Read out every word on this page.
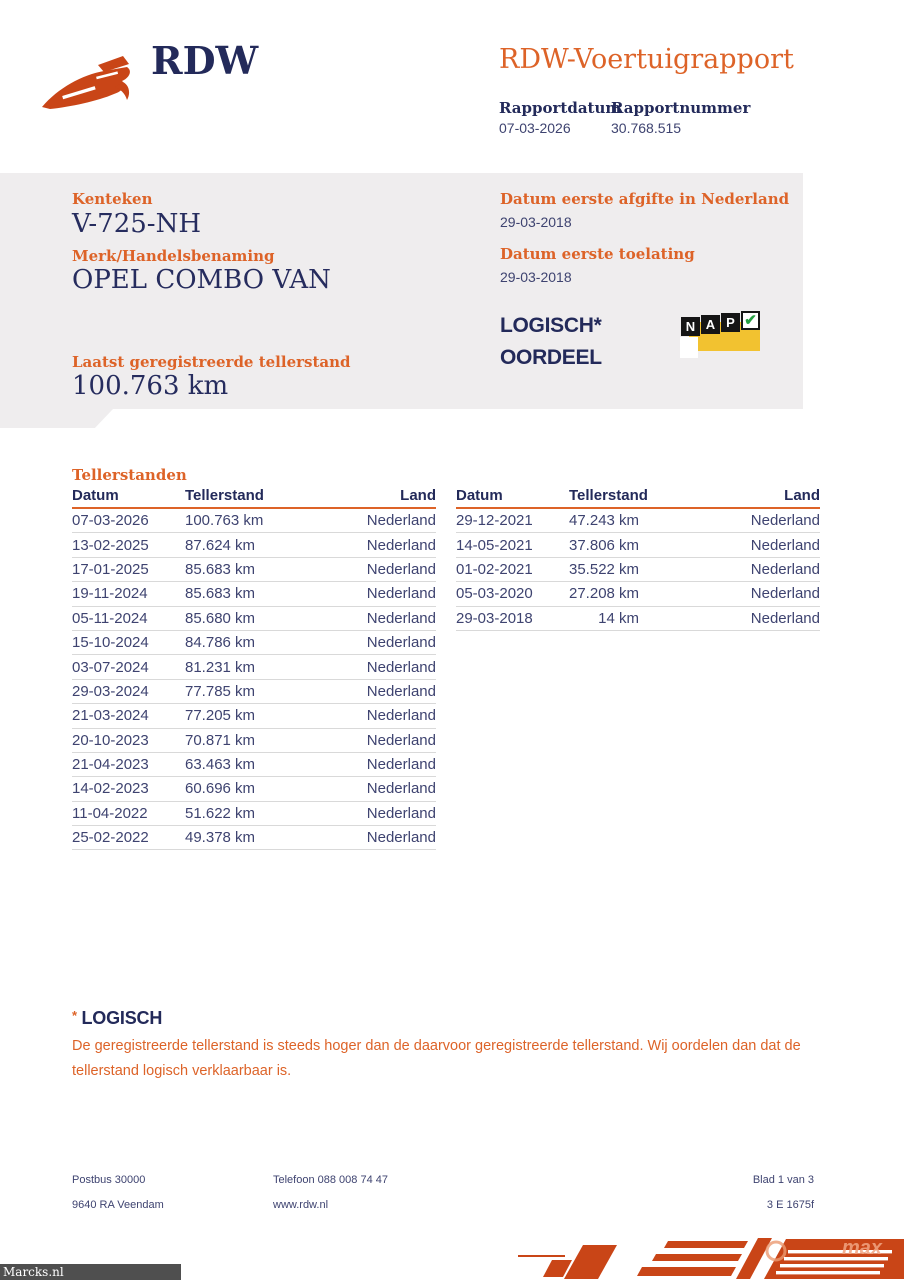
RDW	RDW-Voertuigrapport
Rapportdatum
Rapportnummer
07-03-2026	30.768.515
Kenteken
V-725-NH
Merk/Handelsbenaming
OPEL COMBO VAN
Laatst geregistreerde tellerstand
100.763 km
Datum eerste afgifte in Nederland
29-03-2018
Datum eerste toelating
29-03-2018
LOGISCH*
OORDEEL
N A P ✔
Tellerstanden
Datum	Tellerstand	Land
07-03-2026	100.763 km	Nederland
13-02-2025	87.624 km	Nederland
17-01-2025	85.683 km	Nederland
19-11-2024	85.683 km	Nederland
05-11-2024	85.680 km	Nederland
15-10-2024	84.786 km	Nederland
03-07-2024	81.231 km	Nederland
29-03-2024	77.785 km	Nederland
21-03-2024	77.205 km	Nederland
20-10-2023	70.871 km	Nederland
21-04-2023	63.463 km	Nederland
14-02-2023	60.696 km	Nederland
11-04-2022	51.622 km	Nederland
25-02-2022	49.378 km	Nederland
Datum	Tellerstand	Land
29-12-2021	47.243 km	Nederland
14-05-2021	37.806 km	Nederland
01-02-2021	35.522 km	Nederland
05-03-2020	27.208 km	Nederland
29-03-2018	14 km	Nederland
* LOGISCH
De geregistreerde tellerstand is steeds hoger dan de daarvoor geregistreerde tellerstand. Wij oordelen dan dat de tellerstand logisch verklaarbaar is.
Postbus 30000
9640 RA Veendam
Telefoon 088 008 74 47
www.rdw.nl
Blad 1 van 3
3 E 1675f
max
Marcks.nl
